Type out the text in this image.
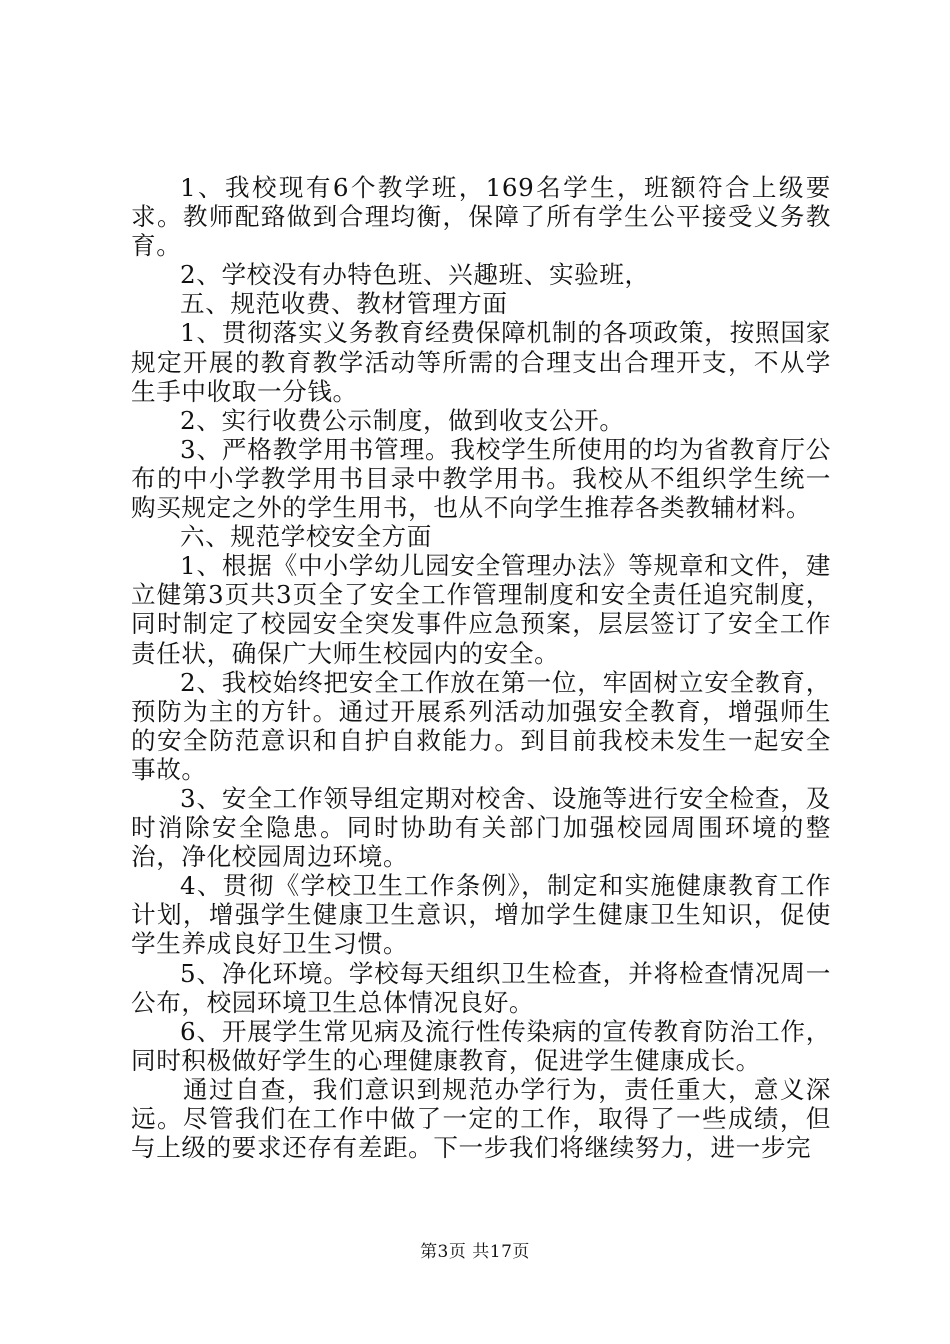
1、我校现有6个教学班，169名学生，班额符合上级要求。教师配臵做到合理均衡，保障了所有学生公平接受义务教育。

2、学校没有办特色班、兴趣班、实验班，

五、规范收费、教材管理方面

1、贯彻落实义务教育经费保障机制的各项政策，按照国家规定开展的教育教学活动等所需的合理支出合理开支，不从学生手中收取一分钱。

2、实行收费公示制度，做到收支公开。

3、严格教学用书管理。我校学生所使用的均为省教育厅公布的中小学教学用书目录中教学用书。我校从不组织学生统一购买规定之外的学生用书，也从不向学生推荐各类教辅材料。

六、规范学校安全方面

1、根据《中小学幼儿园安全管理办法》等规章和文件，建立健第3页共3页全了安全工作管理制度和安全责任追究制度，同时制定了校园安全突发事件应急预案，层层签订了安全工作责任状，确保广大师生校园内的安全。

2、我校始终把安全工作放在第一位，牢固树立安全教育，预防为主的方针。通过开展系列活动加强安全教育，增强师生的安全防范意识和自护自救能力。到目前我校未发生一起安全事故。

3、安全工作领导组定期对校舍、设施等进行安全检查，及时消除安全隐患。同时协助有关部门加强校园周围环境的整治，净化校园周边环境。

4、贯彻《学校卫生工作条例》，制定和实施健康教育工作计划，增强学生健康卫生意识，增加学生健康卫生知识，促使学生养成良好卫生习惯。

5、净化环境。学校每天组织卫生检查，并将检查情况周一公布，校园环境卫生总体情况良好。

6、开展学生常见病及流行性传染病的宣传教育防治工作，同时积极做好学生的心理健康教育，促进学生健康成长。

通过自查，我们意识到规范办学行为，责任重大，意义深远。尽管我们在工作中做了一定的工作，取得了一些成绩，但与上级的要求还存有差距。下一步我们将继续努力，进一步完

第3页 共17页
